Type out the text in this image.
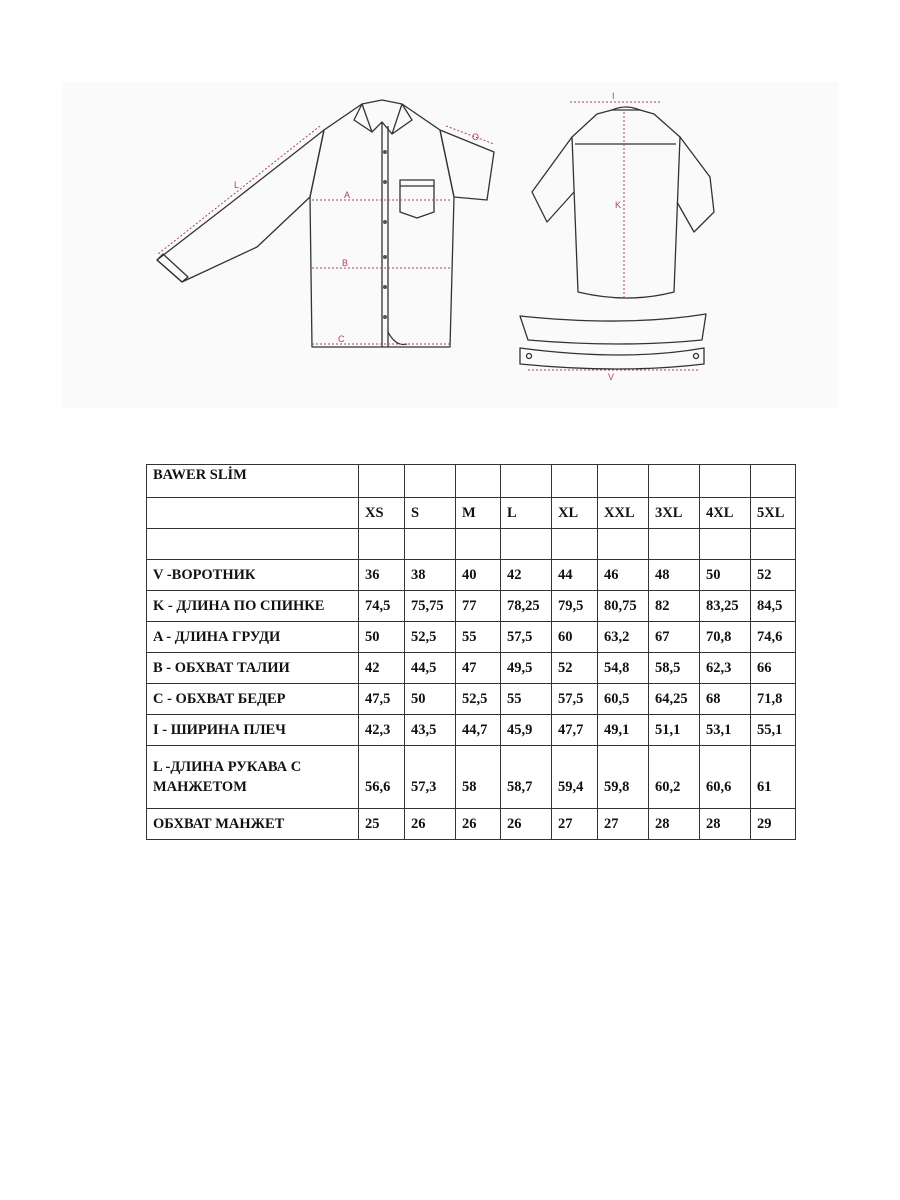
L
O
A
B
C
I
K
V
BAWER SLİM									
	XS	S	M	L	XL	XXL	3XL	4XL	5XL

V -ВОРОТНИК	36	38	40	42	44	46	48	50	52
K - ДЛИНА ПО СПИНКЕ	74,5	75,75	77	78,25	79,5	80,75	82	83,25	84,5
A - ДЛИНА ГРУДИ	50	52,5	55	57,5	60	63,2	67	70,8	74,6
B - ОБХВАТ ТАЛИИ	42	44,5	47	49,5	52	54,8	58,5	62,3	66
C - ОБХВАТ БЕДЕР	47,5	50	52,5	55	57,5	60,5	64,25	68	71,8
I - ШИРИНА ПЛЕЧ	42,3	43,5	44,7	45,9	47,7	49,1	51,1	53,1	55,1
L -ДЛИНА РУКАВА С
МАНЖЕТОМ	56,6	57,3	58	58,7	59,4	59,8	60,2	60,6	61
ОБХВАТ МАНЖЕТ	25	26	26	26	27	27	28	28	29
